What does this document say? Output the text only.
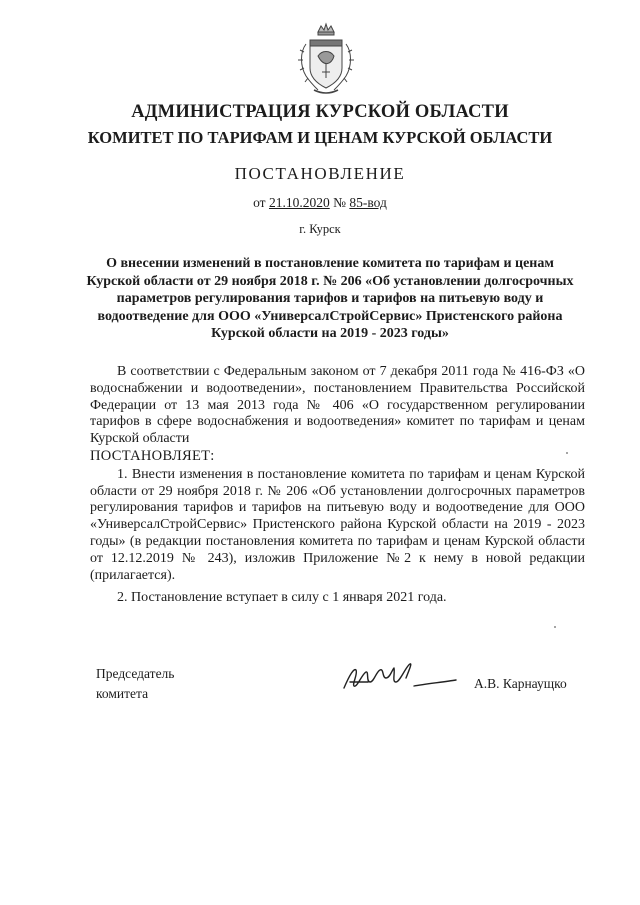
АДМИНИСТРАЦИЯ КУРСКОЙ ОБЛАСТИ
КОМИТЕТ ПО ТАРИФАМ И ЦЕНАМ КУРСКОЙ ОБЛАСТИ
ПОСТАНОВЛЕНИЕ
от 21.10.2020 № 85-вод
г. Курск
О внесении изменений в постановление комитета по тарифам и ценам Курской области от 29 ноября 2018 г. № 206 «Об установлении долгосрочных параметров регулирования тарифов и тарифов на питьевую воду и водоотведение для ООО «УниверсалСтройСервис» Пристенского района Курской области на 2019 - 2023 годы»

В соответствии с Федеральным законом от 7 декабря 2011 года № 416-ФЗ «О водоснабжении и водоотведении», постановлением Правительства Российской Федерации от 13 мая 2013 года № 406 «О государственном регулировании тарифов в сфере водоснабжения и водоотведения» комитет по тарифам и ценам Курской области

ПОСТАНОВЛЯЕТ:

1. Внести изменения в постановление комитета по тарифам и ценам Курской области от 29 ноября 2018 г. № 206 «Об установлении долгосрочных параметров регулирования тарифов и тарифов на питьевую воду и водоотведение для ООО «УниверсалСтройСервис» Пристенского района Курской области на 2019 - 2023 годы» (в редакции постановления комитета по тарифам и ценам Курской области от 12.12.2019 № 243), изложив Приложение №2 к нему в новой редакции (прилагается).

2. Постановление вступает в силу с 1 января 2021 года.

Председатель
комитета
А.В. Карнаущко
